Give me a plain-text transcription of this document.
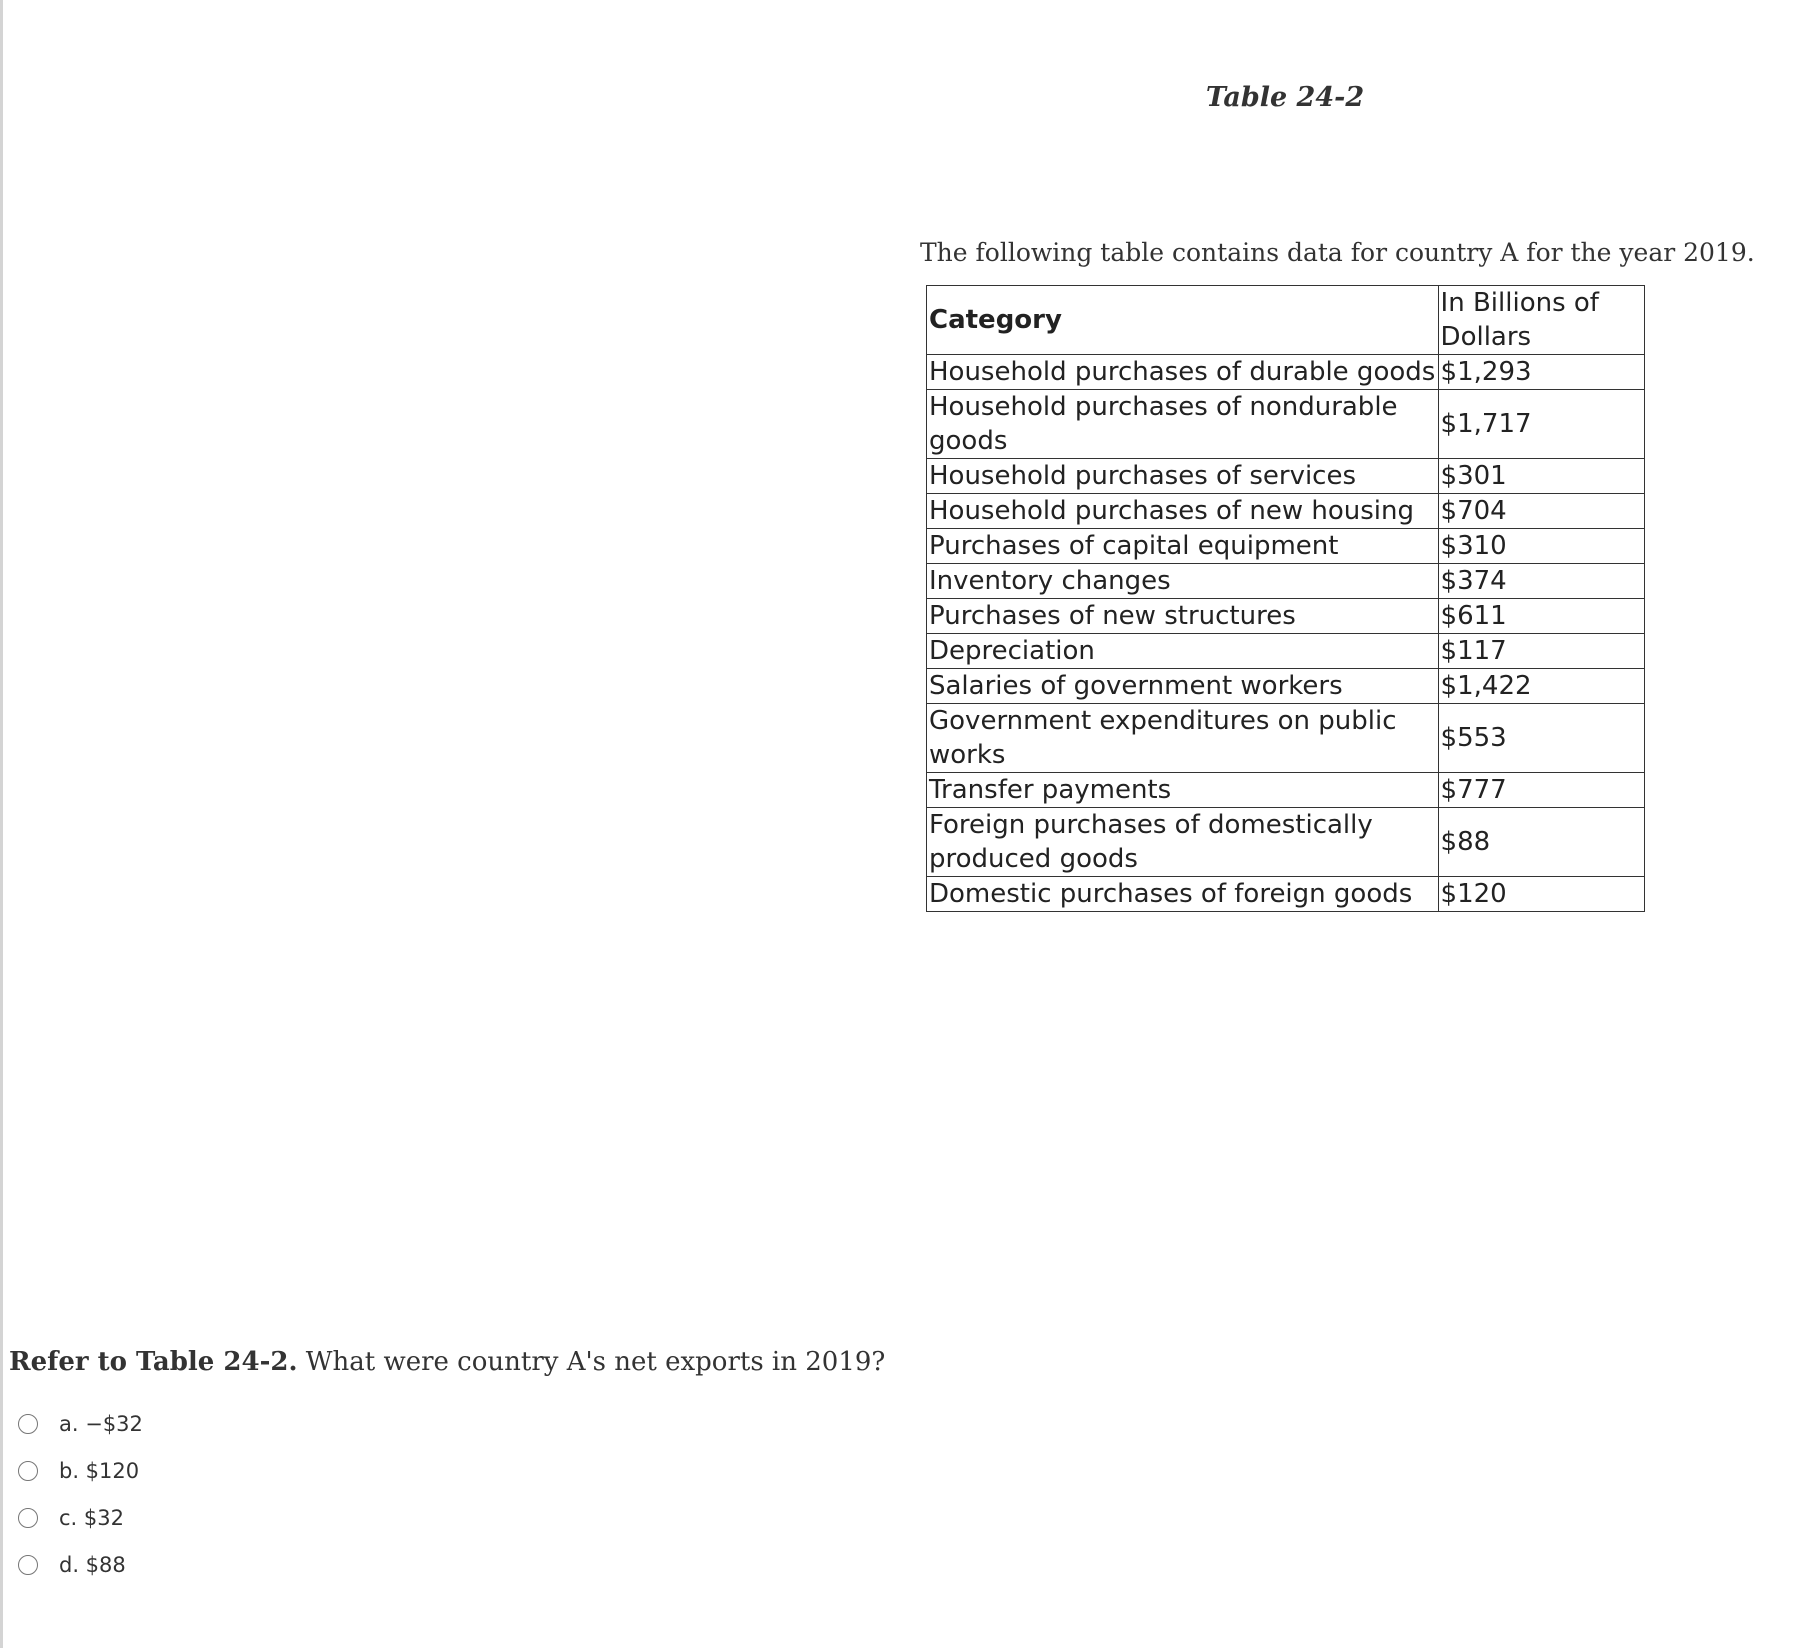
Table 24-2

The following table contains data for country A for the year 2019.

Category	In Billions of Dollars
Household purchases of durable goods	$1,293
Household purchases of nondurable goods	$1,717
Household purchases of services	$301
Household purchases of new housing	$704
Purchases of capital equipment	$310
Inventory changes	$374
Purchases of new structures	$611
Depreciation	$117
Salaries of government workers	$1,422
Government expenditures on public works	$553
Transfer payments	$777
Foreign purchases of domestically produced goods	$88
Domestic purchases of foreign goods	$120

Refer to Table 24-2. What were country A's net exports in 2019?

a. −$32
b. $120
c. $32
d. $88
